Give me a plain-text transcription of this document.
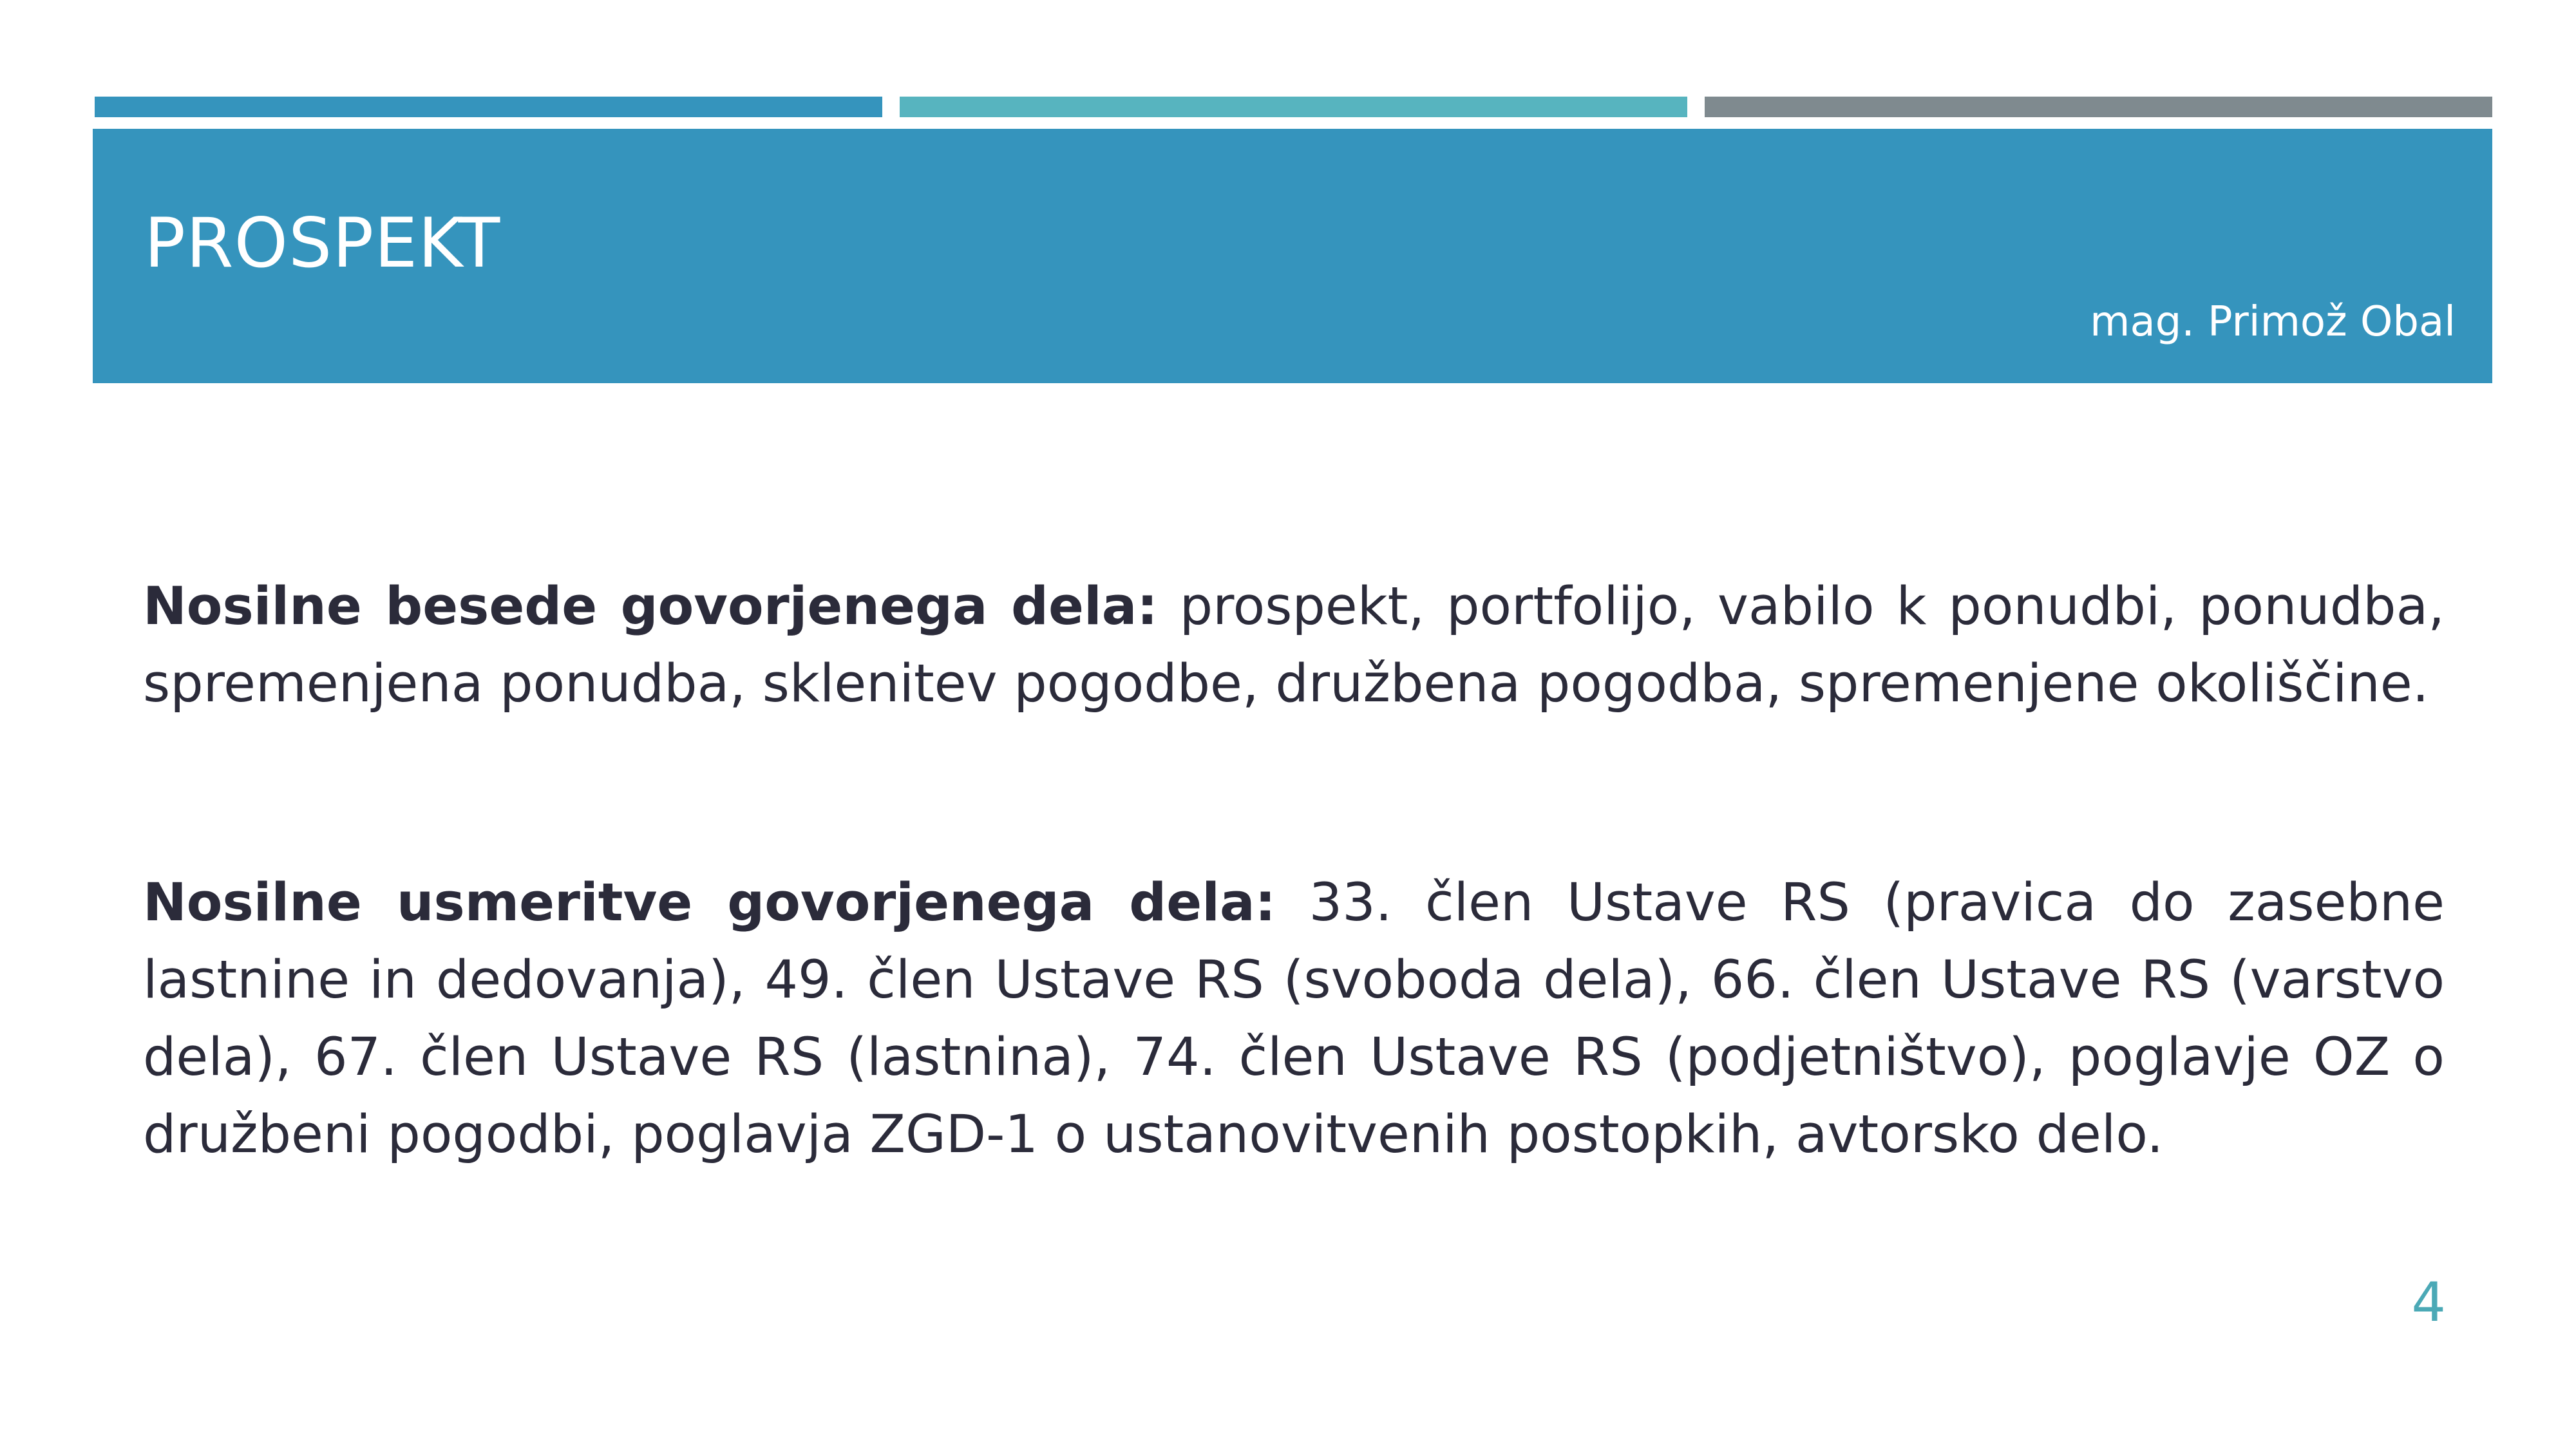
PROSPEKT
mag. Primož Obal

Nosilne besede govorjenega dela: prospekt, portfolijo, vabilo k ponudbi, ponudba, spremenjena ponudba, sklenitev pogodbe, družbena pogodba, spremenjene okoliščine.

Nosilne usmeritve govorjenega dela: 33. člen Ustave RS (pravica do zasebne lastnine in dedovanja), 49. člen Ustave RS (svoboda dela), 66. člen Ustave RS (varstvo dela), 67. člen Ustave RS (lastnina), 74. člen Ustave RS (podjetništvo), poglavje OZ o družbeni pogodbi, poglavja ZGD-1 o ustanovitvenih postopkih, avtorsko delo.

4
